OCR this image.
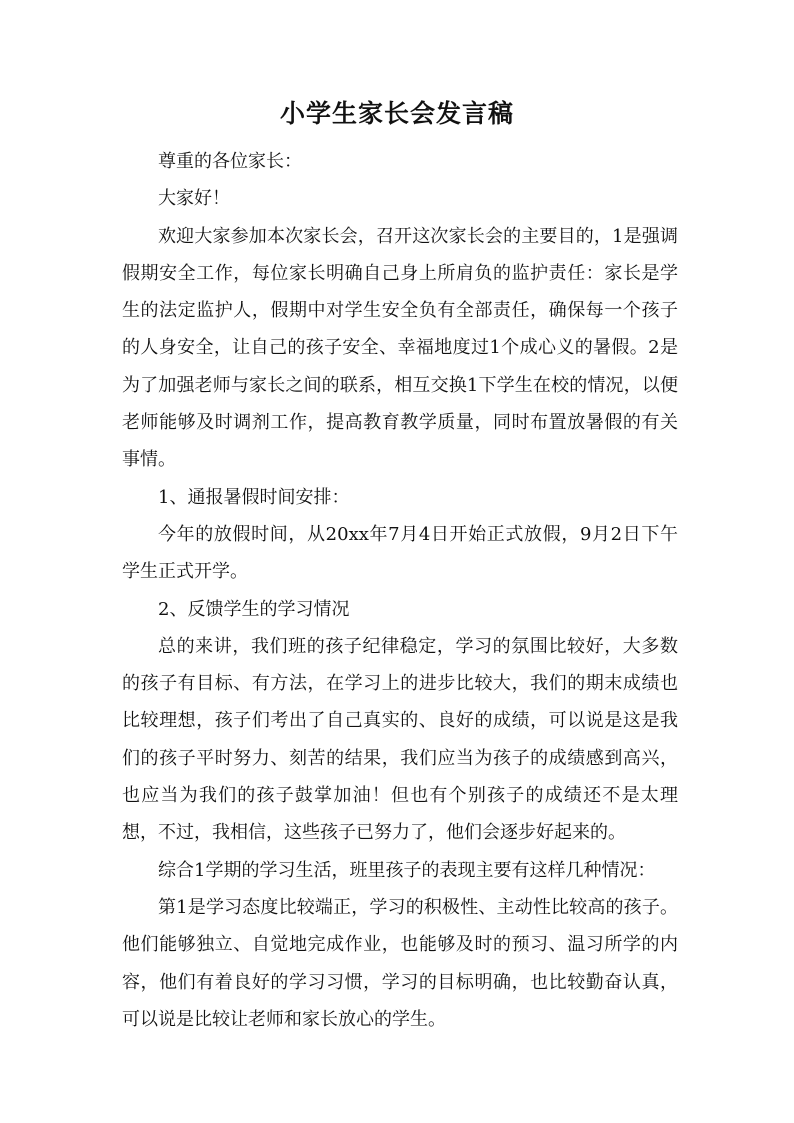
小学生家长会发言稿

尊重的各位家长：

大家好！

欢迎大家参加本次家长会，召开这次家长会的主要目的，1是强调假期安全工作，每位家长明确自己身上所肩负的监护责任：家长是学生的法定监护人，假期中对学生安全负有全部责任，确保每一个孩子的人身安全，让自己的孩子安全、幸福地度过1个成心义的暑假。2是为了加强老师与家长之间的联系，相互交换1下学生在校的情况，以便老师能够及时调剂工作，提高教育教学质量，同时布置放暑假的有关事情。

1、通报暑假时间安排：

今年的放假时间，从20xx年7月4日开始正式放假，9月2日下午学生正式开学。

2、反馈学生的学习情况

总的来讲，我们班的孩子纪律稳定，学习的氛围比较好，大多数的孩子有目标、有方法，在学习上的进步比较大，我们的期末成绩也比较理想，孩子们考出了自己真实的、良好的成绩，可以说是这是我们的孩子平时努力、刻苦的结果，我们应当为孩子的成绩感到高兴，也应当为我们的孩子鼓掌加油！但也有个别孩子的成绩还不是太理想，不过，我相信，这些孩子已努力了，他们会逐步好起来的。

综合1学期的学习生活，班里孩子的表现主要有这样几种情况：

第1是学习态度比较端正，学习的积极性、主动性比较高的孩子。他们能够独立、自觉地完成作业，也能够及时的预习、温习所学的内容，他们有着良好的学习习惯，学习的目标明确，也比较勤奋认真，可以说是比较让老师和家长放心的学生。
